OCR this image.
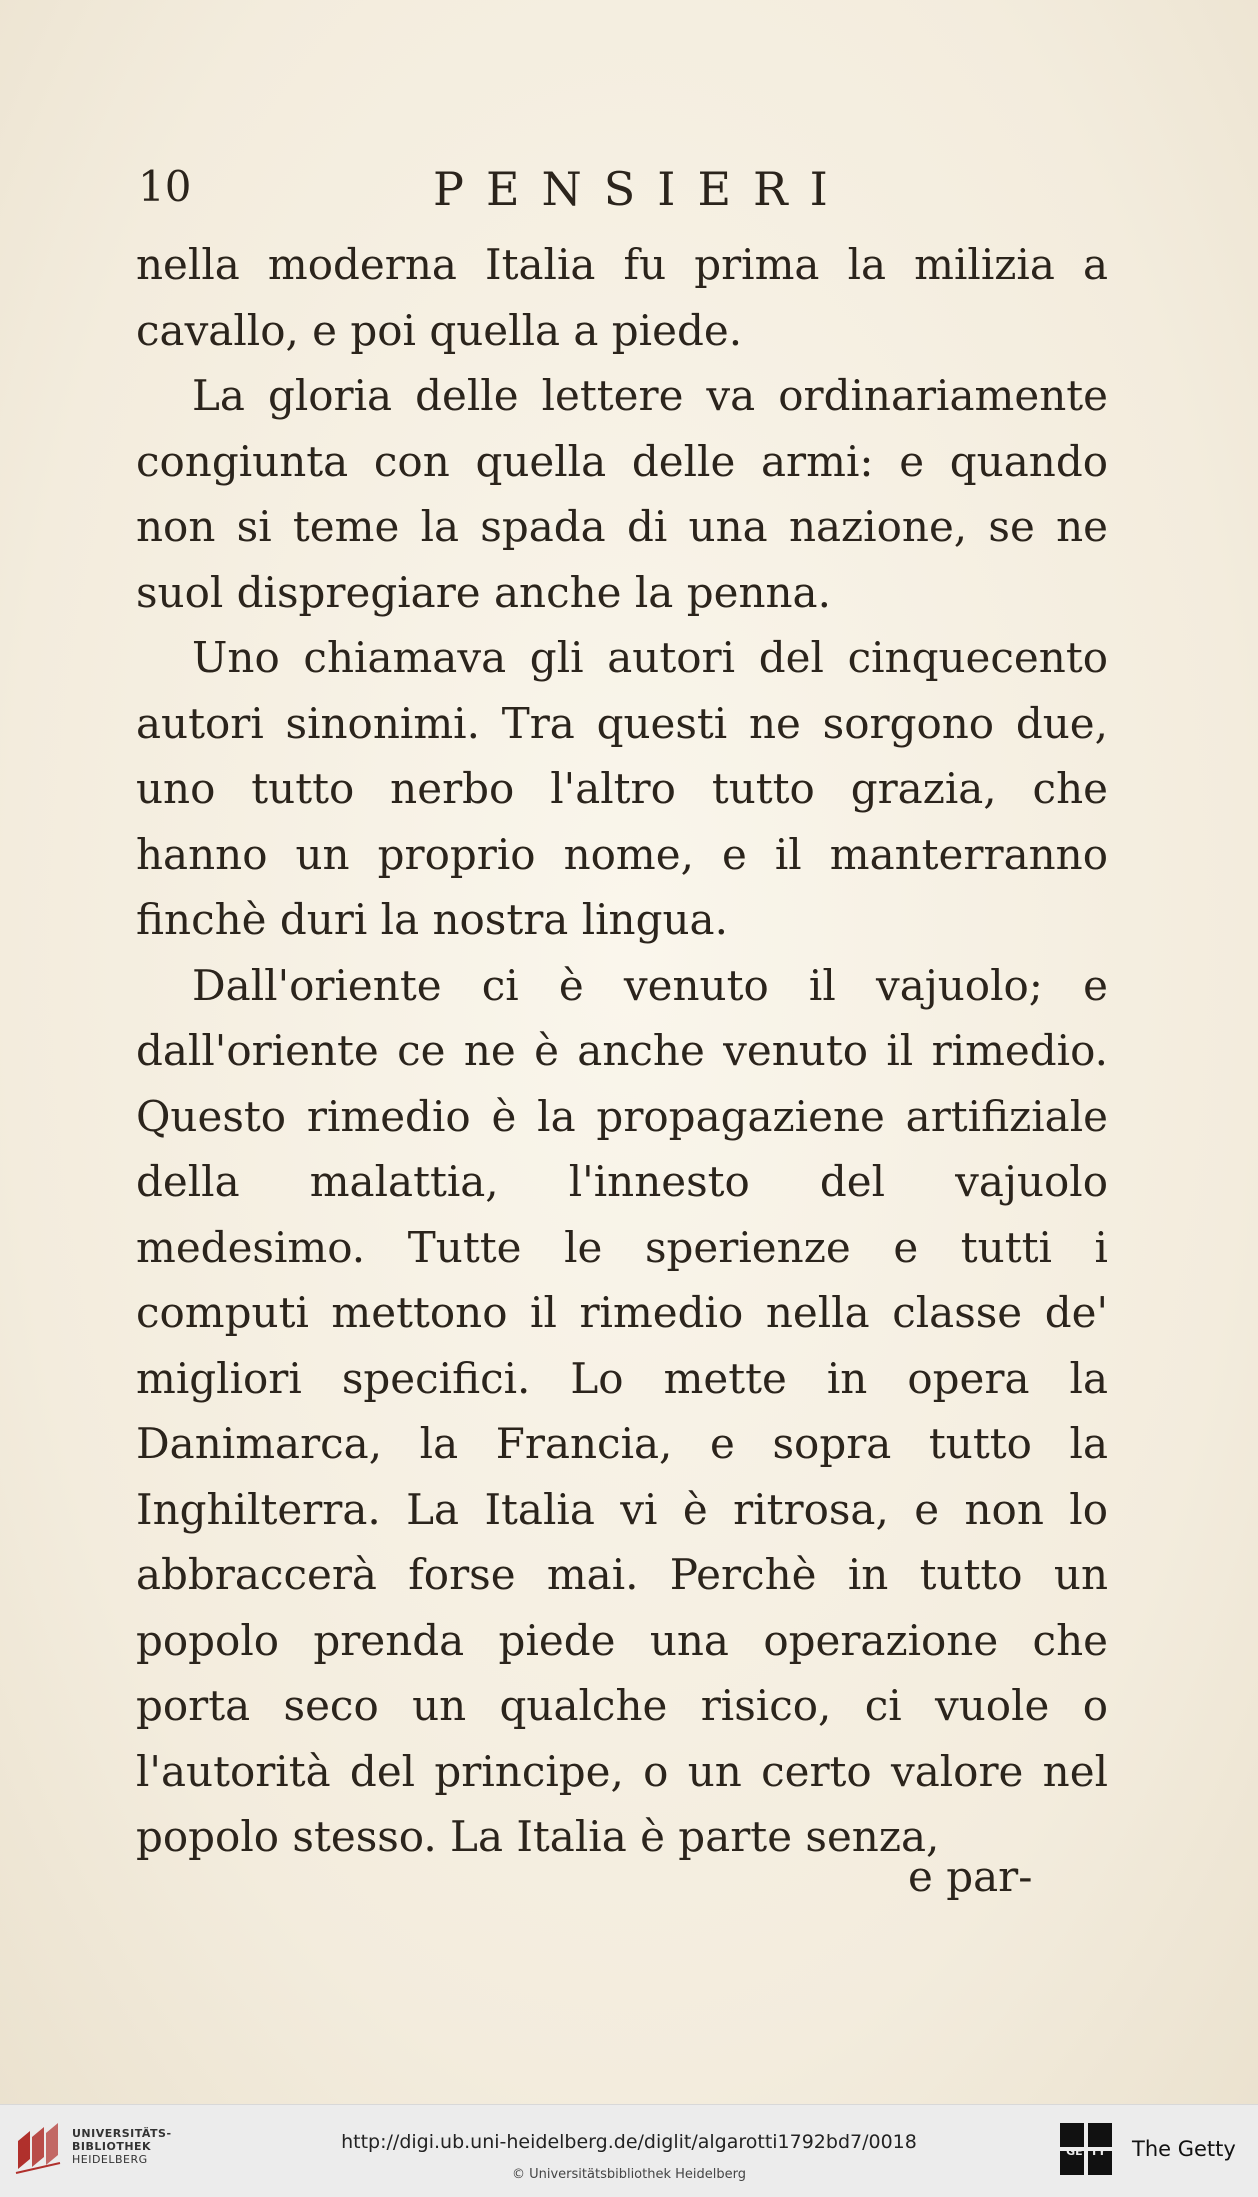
10	PENSIERI

nella moderna Italia fu prima la milizia a cavallo, e poi quella a piede.

La gloria delle lettere va ordinariamente congiunta con quella delle armi: e quando non si teme la spada di una nazione, se ne suol dispregiare anche la penna.

Uno chiamava gli autori del cinquecento autori sinonimi. Tra questi ne sorgono due, uno tutto nerbo l'altro tutto grazia, che hanno un proprio nome, e il manterranno finchè duri la nostra lingua.

Dall'oriente ci è venuto il vajuolo; e dall'oriente ce ne è anche venuto il rimedio. Questo rimedio è la propagaziene artifiziale della malattia, l'innesto del vajuolo medesimo. Tutte le sperienze e tutti i computi mettono il rimedio nella classe de' migliori specifici. Lo mette in opera la Danimarca, la Francia, e sopra tutto la Inghilterra. La Italia vi è ritrosa, e non lo abbraccerà forse mai. Perchè in tutto un popolo prenda piede una operazione che porta seco un qualche risico, ci vuole o l'autorità del principe, o un certo valore nel popolo stesso. La Italia è parte senza,

e par-
UNIVERSITÄTS-
BIBLIOTHEK
HEIDELBERG
http://digi.ub.uni-heidelberg.de/diglit/algarotti1792bd7/0018
© Universitätsbibliothek Heidelberg
GETTY The Getty
